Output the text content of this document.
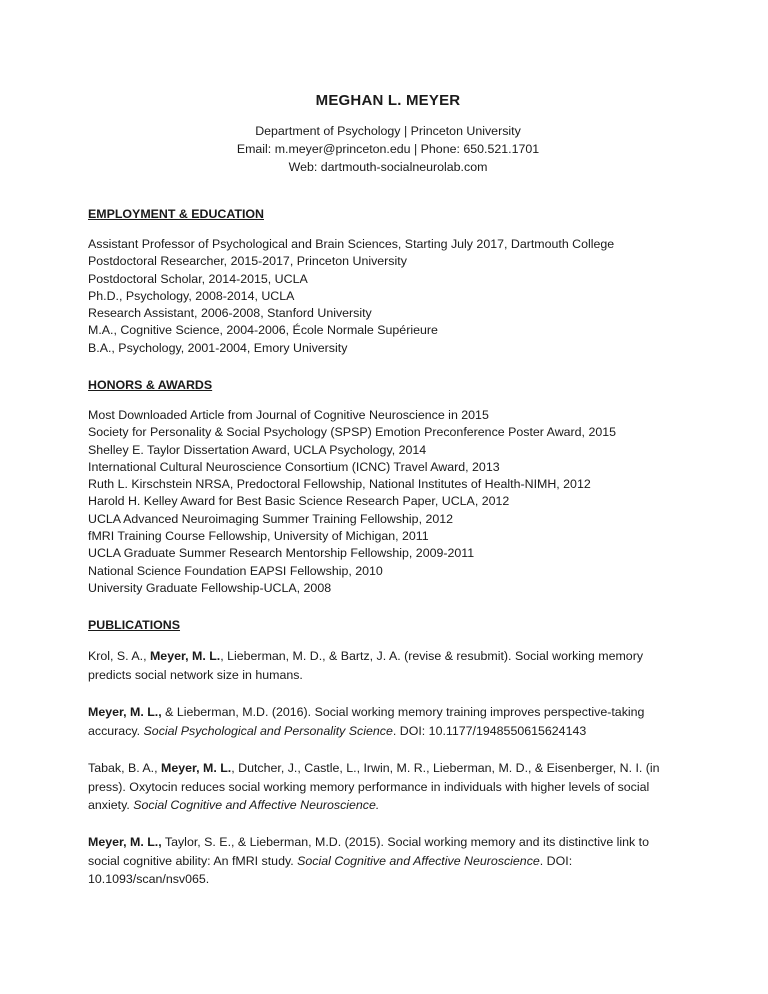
MEGHAN L. MEYER
Department of Psychology | Princeton University
Email: m.meyer@princeton.edu | Phone: 650.521.1701
Web: dartmouth-socialneurolab.com
EMPLOYMENT & EDUCATION
Assistant Professor of Psychological and Brain Sciences, Starting July 2017, Dartmouth College
Postdoctoral Researcher, 2015-2017, Princeton University
Postdoctoral Scholar, 2014-2015, UCLA
Ph.D., Psychology, 2008-2014, UCLA
Research Assistant, 2006-2008, Stanford University
M.A., Cognitive Science, 2004-2006, École Normale Supérieure
B.A., Psychology, 2001-2004, Emory University
HONORS & AWARDS
Most Downloaded Article from Journal of Cognitive Neuroscience in 2015
Society for Personality & Social Psychology (SPSP) Emotion Preconference Poster Award, 2015
Shelley E. Taylor Dissertation Award, UCLA Psychology, 2014
International Cultural Neuroscience Consortium (ICNC) Travel Award, 2013
Ruth L. Kirschstein NRSA, Predoctoral Fellowship, National Institutes of Health-NIMH, 2012
Harold H. Kelley Award for Best Basic Science Research Paper, UCLA, 2012
UCLA Advanced Neuroimaging Summer Training Fellowship, 2012
fMRI Training Course Fellowship, University of Michigan, 2011
UCLA Graduate Summer Research Mentorship Fellowship, 2009-2011
National Science Foundation EAPSI Fellowship, 2010
University Graduate Fellowship-UCLA, 2008
PUBLICATIONS
Krol, S. A., Meyer, M. L., Lieberman, M. D., & Bartz, J. A. (revise & resubmit). Social working memory predicts social network size in humans.
Meyer, M. L., & Lieberman, M.D. (2016). Social working memory training improves perspective-taking accuracy. Social Psychological and Personality Science. DOI: 10.1177/1948550615624143
Tabak, B. A., Meyer, M. L., Dutcher, J., Castle, L., Irwin, M. R., Lieberman, M. D., & Eisenberger, N. I. (in press). Oxytocin reduces social working memory performance in individuals with higher levels of social anxiety. Social Cognitive and Affective Neuroscience.
Meyer, M. L., Taylor, S. E., & Lieberman, M.D. (2015). Social working memory and its distinctive link to social cognitive ability: An fMRI study. Social Cognitive and Affective Neuroscience. DOI: 10.1093/scan/nsv065.
